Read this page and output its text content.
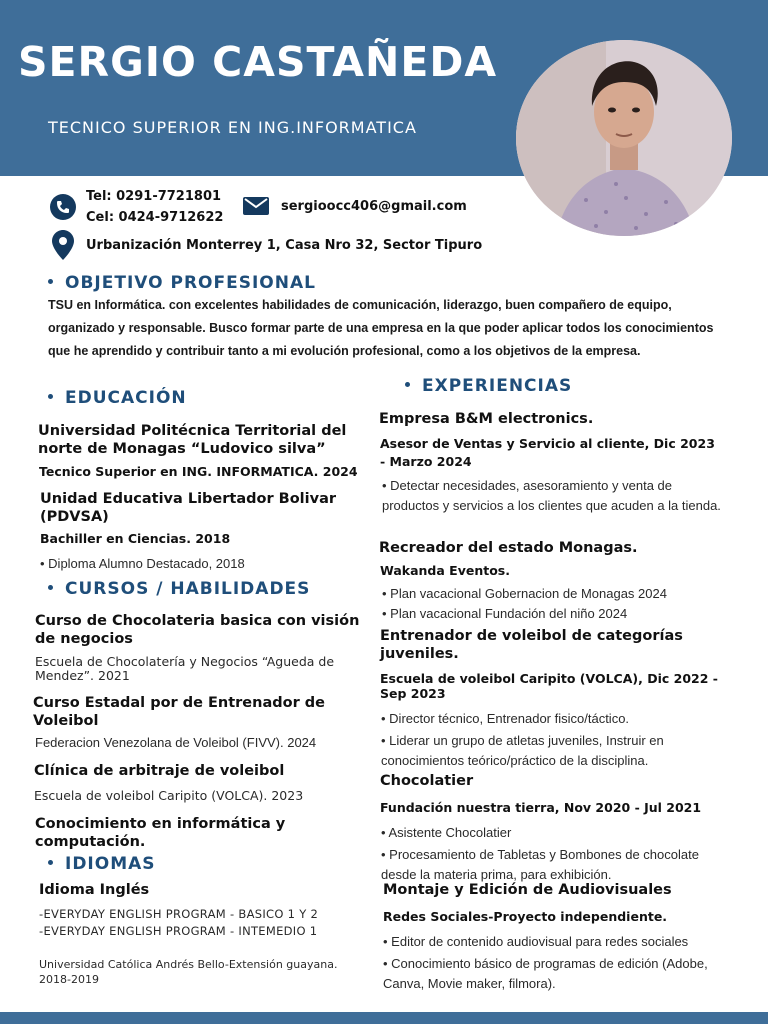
SERGIO CASTAÑEDA
TECNICO SUPERIOR EN ING.INFORMATICA
Tel: 0291-7721801
Cel: 0424-9712622
sergioocc406@gmail.com
Urbanización Monterrey 1, Casa Nro 32, Sector Tipuro
OBJETIVO PROFESIONAL
TSU en Informática. con excelentes habilidades de comunicación, liderazgo, buen compañero de equipo, organizado y responsable. Busco formar parte de una empresa en la que poder aplicar todos los conocimientos que he aprendido y contribuir tanto a mi evolución profesional, como a los objetivos de la empresa.
EDUCACIÓN
Universidad Politécnica Territorial del norte de Monagas “Ludovico silva”
Tecnico Superior en ING. INFORMATICA. 2024
Unidad Educativa Libertador Bolivar (PDVSA)
Bachiller en Ciencias. 2018
• Diploma Alumno Destacado, 2018
CURSOS / HABILIDADES
Curso de Chocolateria basica con visión de negocios
Escuela de Chocolatería y Negocios “Agueda de Mendez”. 2021
Curso Estadal por de Entrenador de Voleibol
Federacion Venezolana de Voleibol (FIVV). 2024
Clínica de arbitraje de voleibol
Escuela de voleibol Caripito (VOLCA). 2023
Conocimiento en informática y computación.
IDIOMAS
Idioma Inglés
-EVERYDAY ENGLISH PROGRAM - BASICO 1 Y 2
-EVERYDAY ENGLISH PROGRAM - INTEMEDIO 1
Universidad Católica Andrés Bello-Extensión guayana. 2018-2019
EXPERIENCIAS
Empresa B&M electronics.
Asesor de Ventas y Servicio al cliente, Dic 2023 - Marzo 2024
• Detectar necesidades, asesoramiento y venta de productos y servicios a los clientes que acuden a la tienda.
Recreador del estado Monagas.
Wakanda Eventos.
• Plan vacacional Gobernacion de Monagas 2024
• Plan vacacional Fundación del niño 2024
Entrenador de voleibol de categorías juveniles.
Escuela de voleibol Caripito (VOLCA), Dic 2022 - Sep 2023
• Director técnico, Entrenador fisico/táctico.
• Liderar un grupo de atletas juveniles, Instruir en conocimientos teórico/práctico de la disciplina.
Chocolatier
Fundación nuestra tierra, Nov 2020 - Jul 2021
• Asistente Chocolatier
• Procesamiento de Tabletas y Bombones de chocolate desde la materia prima, para exhibición.
Montaje y Edición de Audiovisuales
Redes Sociales-Proyecto independiente.
• Editor de contenido audiovisual para redes sociales
• Conocimiento básico de programas de edición (Adobe, Canva, Movie maker, filmora).
